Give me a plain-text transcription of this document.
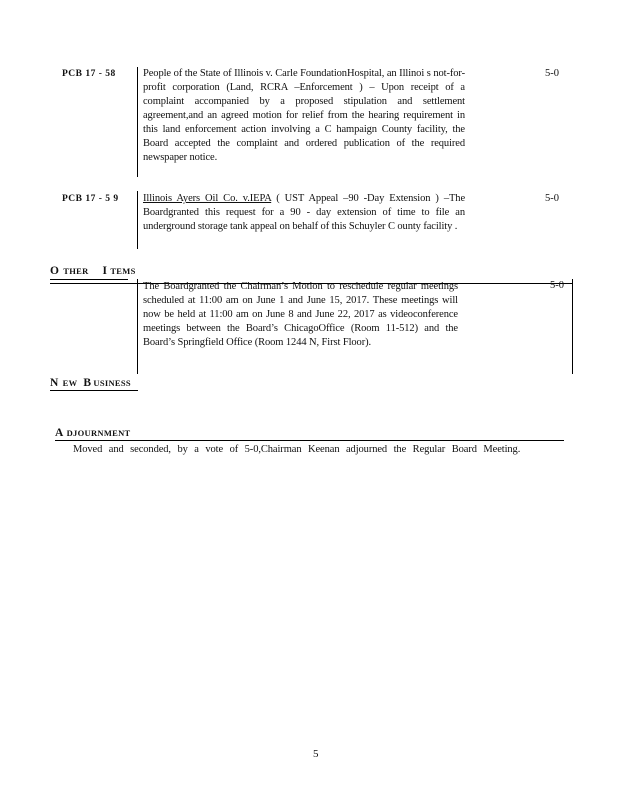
PCB 17 - 58	People of the State of Illinois v. Carle FoundationHospital, an Illinoi s not-for-profit corporation (Land, RCRA –Enforcement ) – Upon receipt of a complaint accompanied by a proposed stipulation and settlement agreement,and an agreed motion for relief from the hearing requirement in this land enforcement action involving a C hampaign County facility, the Board accepted the complaint and ordered publication of the required newspaper notice.
5-0
PCB 17 - 5 9 Illinois Ayers Oil Co. v.IEPA ( UST Appeal –90 -Day Extension ) –The Boardgranted this request for a 90 - day extension of time to file an underground storage tank appeal on behalf of this Schuyler C ounty facility .
5-0
O THER I TEMS
The Boardgranted the Chairman’s Motion to reschedule regular meetings scheduled at 11:00 am on June 1 and June 15, 2017. These meetings will now be held at 11:00 am on June 8 and June 22, 2017 as videoconference meetings between the Board’s ChicagoOffice (Room 11-512) and the Board’s Springfield Office (Room 1244 N, First Floor).
5-0
N EW B USINESS
A DJOURNMENT
Moved and seconded, by a vote of 5-0,Chairman Keenan adjourned the Regular Board Meeting.
5
